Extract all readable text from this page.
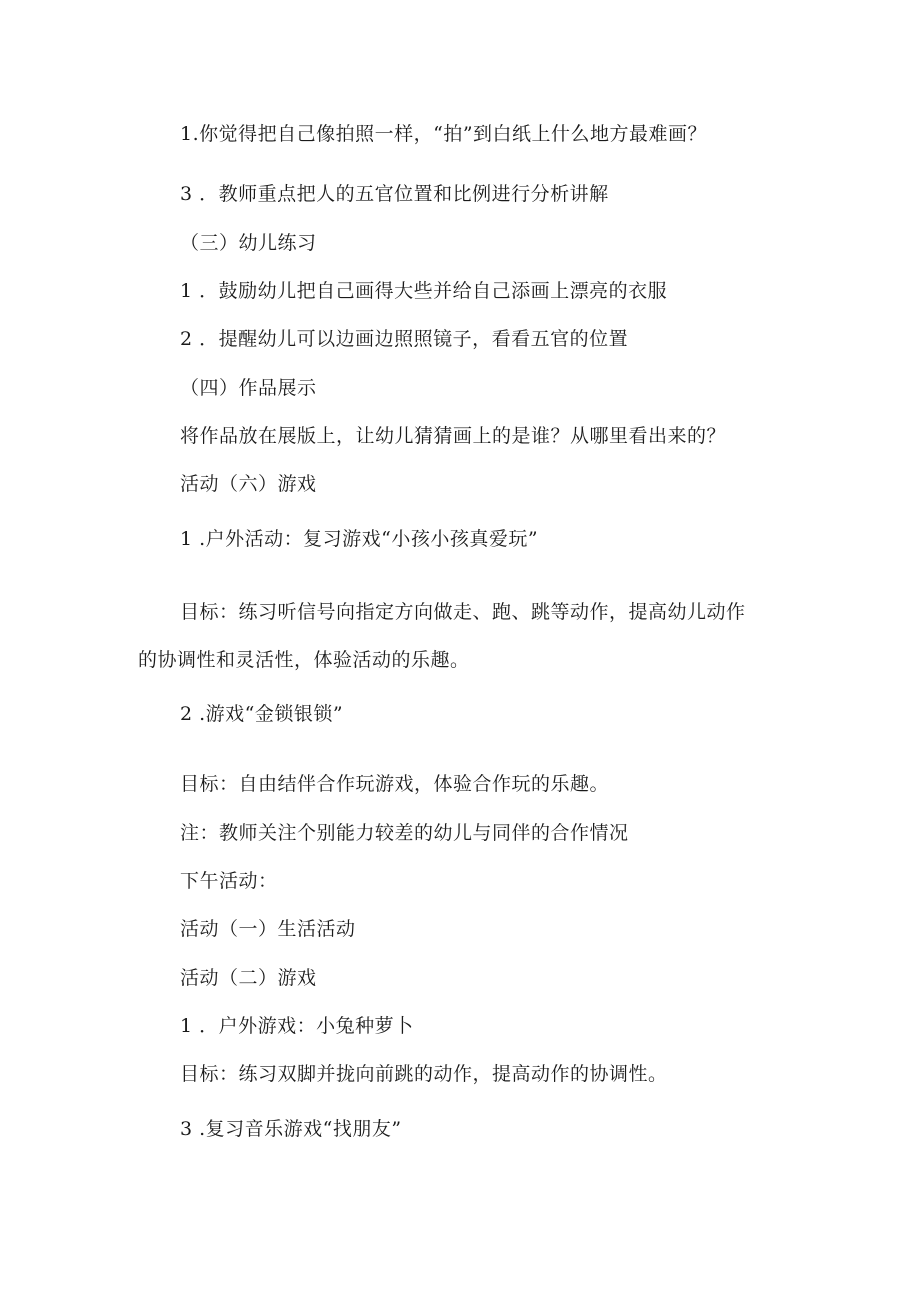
1.你觉得把自己像拍照一样，“拍”到白纸上什么地方最难画？
3 ．教师重点把人的五官位置和比例进行分析讲解
（三）幼儿练习
1 ．鼓励幼儿把自己画得大些并给自己添画上漂亮的衣服
2 ．提醒幼儿可以边画边照照镜子，看看五官的位置
（四）作品展示
将作品放在展版上，让幼儿猜猜画上的是谁？从哪里看出来的？
活动（六）游戏
1 .户外活动：复习游戏“小孩小孩真爱玩”
目标：练习听信号向指定方向做走、跑、跳等动作，提高幼儿动作
的协调性和灵活性，体验活动的乐趣。
2 .游戏“金锁银锁”
目标：自由结伴合作玩游戏，体验合作玩的乐趣。
注：教师关注个别能力较差的幼儿与同伴的合作情况
下午活动：
活动（一）生活活动
活动（二）游戏
1 ．户外游戏：小兔种萝卜
目标：练习双脚并拢向前跳的动作，提高动作的协调性。
3 .复习音乐游戏“找朋友”
